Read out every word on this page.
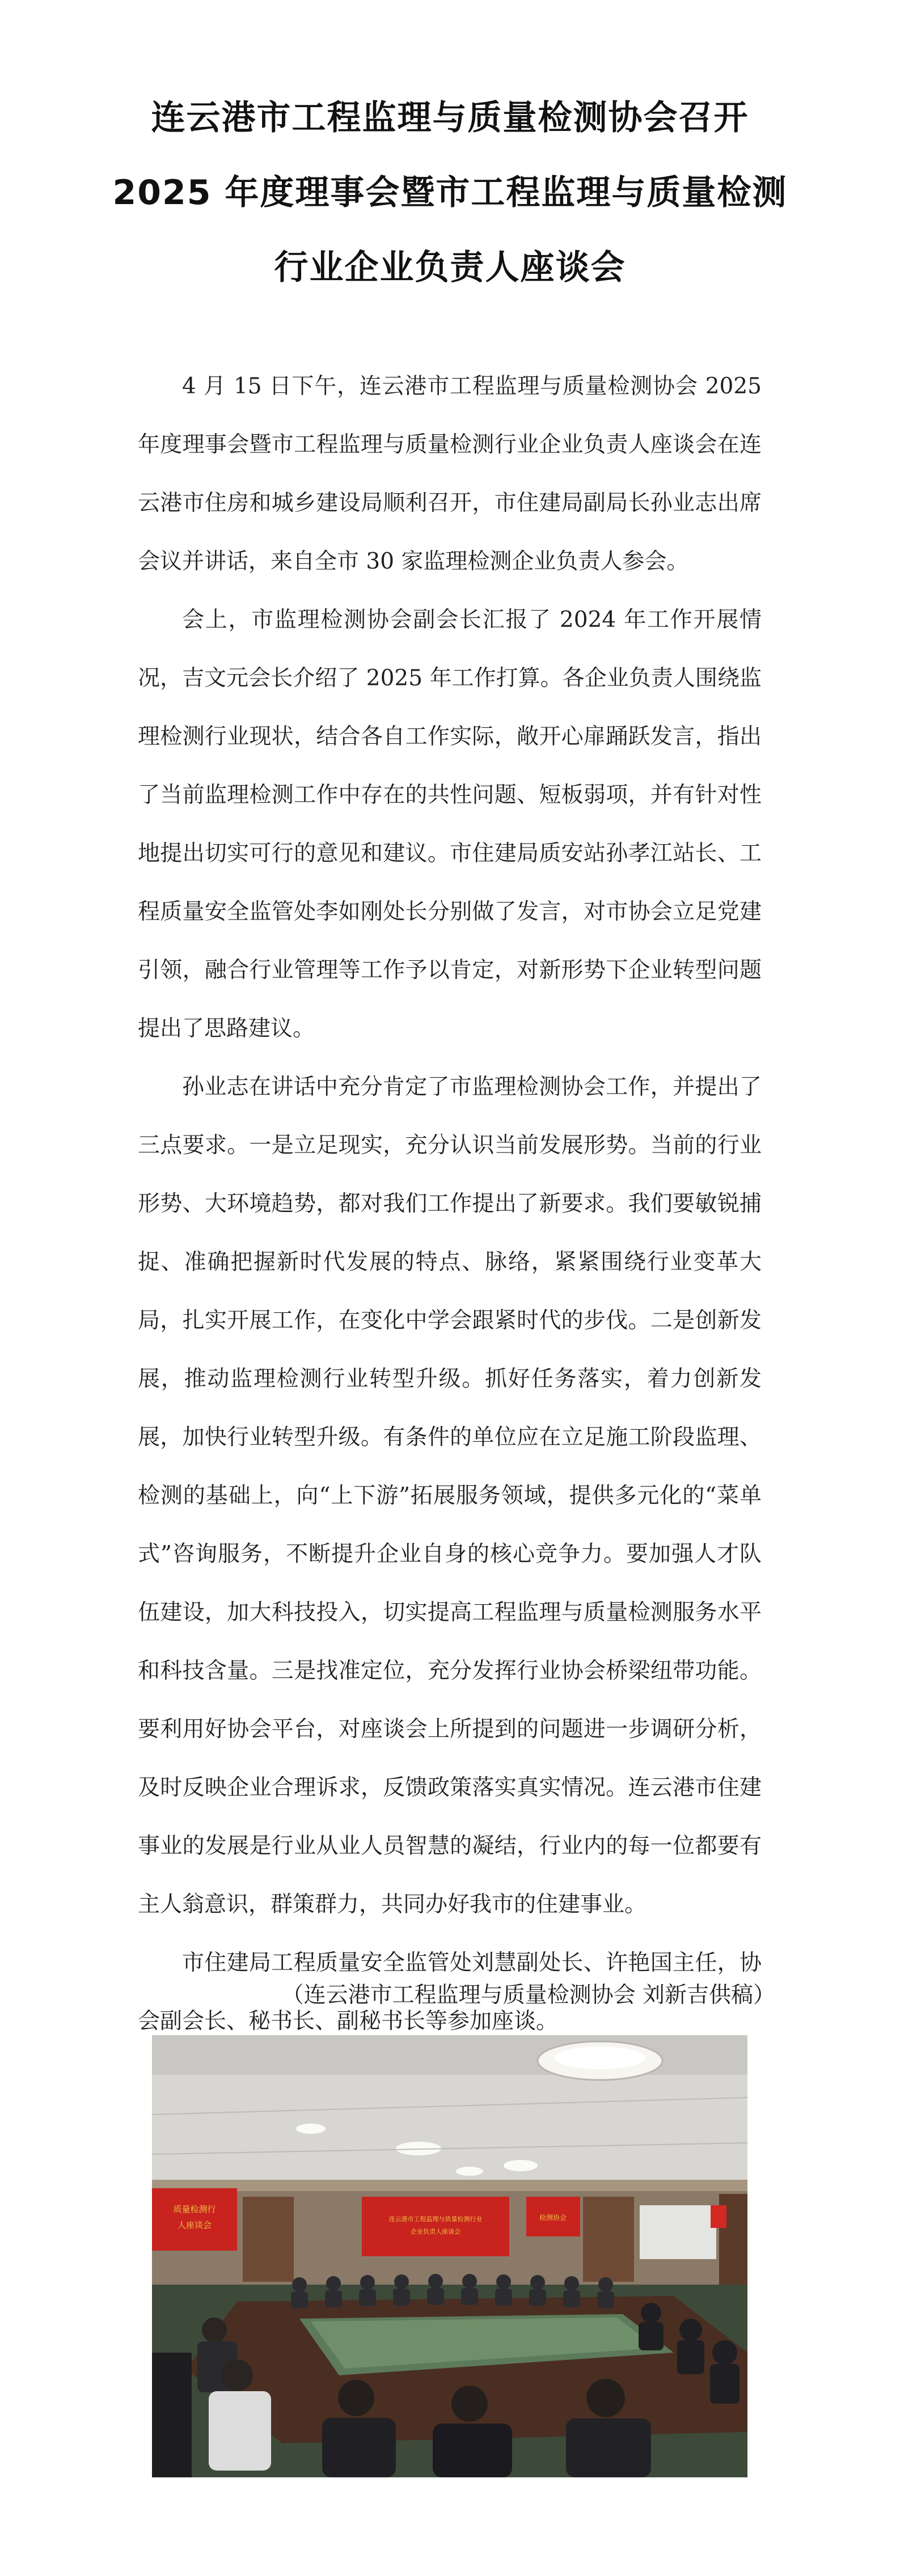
连云港市工程监理与质量检测协会召开
2025 年度理事会暨市工程监理与质量检测
行业企业负责人座谈会

4 月 15 日下午，连云港市工程监理与质量检测协会 2025 年度理事会暨市工程监理与质量检测行业企业负责人座谈会在连云港市住房和城乡建设局顺利召开，市住建局副局长孙业志出席会议并讲话，来自全市 30 家监理检测企业负责人参会。

会上，市监理检测协会副会长汇报了 2024 年工作开展情况，吉文元会长介绍了 2025 年工作打算。各企业负责人围绕监理检测行业现状，结合各自工作实际，敞开心扉踊跃发言，指出了当前监理检测工作中存在的共性问题、短板弱项，并有针对性地提出切实可行的意见和建议。市住建局质安站孙孝江站长、工程质量安全监管处李如刚处长分别做了发言，对市协会立足党建引领，融合行业管理等工作予以肯定，对新形势下企业转型问题提出了思路建议。

孙业志在讲话中充分肯定了市监理检测协会工作，并提出了三点要求。一是立足现实，充分认识当前发展形势。当前的行业形势、大环境趋势，都对我们工作提出了新要求。我们要敏锐捕捉、准确把握新时代发展的特点、脉络，紧紧围绕行业变革大局，扎实开展工作，在变化中学会跟紧时代的步伐。二是创新发展，推动监理检测行业转型升级。抓好任务落实，着力创新发展，加快行业转型升级。有条件的单位应在立足施工阶段监理、检测的基础上，向“上下游”拓展服务领域，提供多元化的“菜单式”咨询服务，不断提升企业自身的核心竞争力。要加强人才队伍建设，加大科技投入，切实提高工程监理与质量检测服务水平和科技含量。三是找准定位，充分发挥行业协会桥梁纽带功能。要利用好协会平台，对座谈会上所提到的问题进一步调研分析，及时反映企业合理诉求，反馈政策落实真实情况。连云港市住建事业的发展是行业从业人员智慧的凝结，行业内的每一位都要有主人翁意识，群策群力，共同办好我市的住建事业。

市住建局工程质量安全监管处刘慧副处长、许艳国主任，协会副会长、秘书长、副秘书长等参加座谈。

（连云港市工程监理与质量检测协会 刘新吉供稿）
质量检测行
人座谈会
连云港市工程监理与质量检测行业
企业负责人座谈会
检测协会
